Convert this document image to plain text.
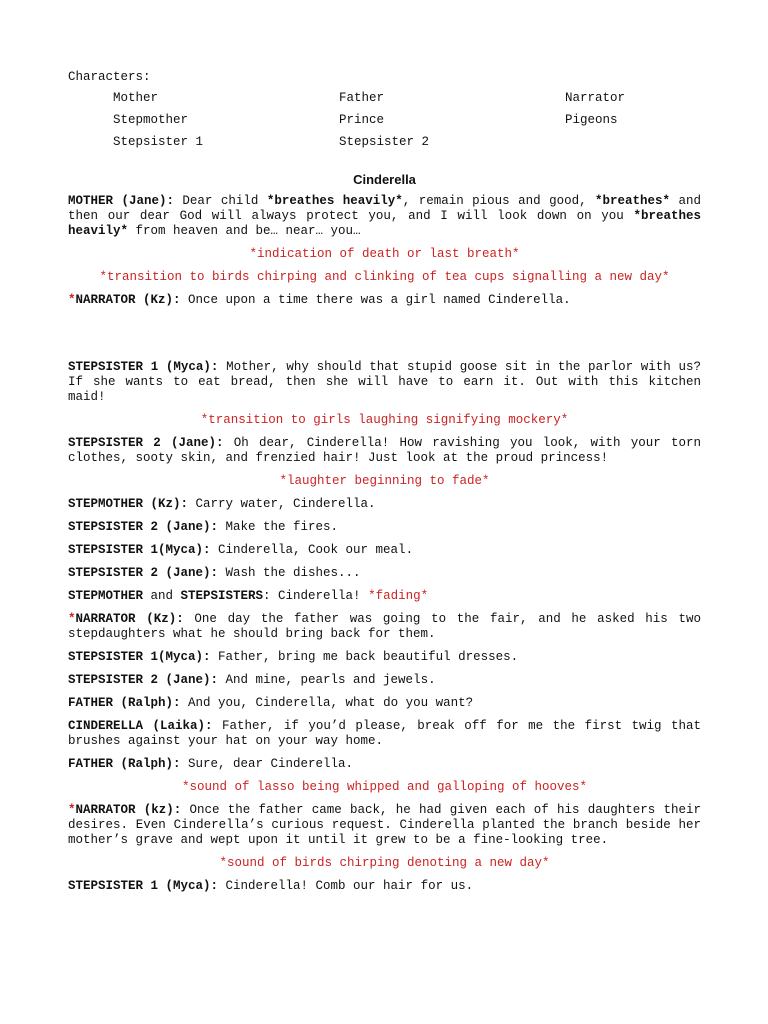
Characters:
Mother	Father	Narrator
Stepmother	Prince	Pigeons
Stepsister 1	Stepsister 2
Cinderella
MOTHER (Jane): Dear child *breathes heavily*, remain pious and good, *breathes* and then our dear God will always protect you, and I will look down on you *breathes heavily* from heaven and be… near… you…
*indication of death or last breath*
*transition to birds chirping and clinking of tea cups signalling a new day*
*NARRATOR (Kz): Once upon a time there was a girl named Cinderella.
STEPSISTER 1 (Myca): Mother, why should that stupid goose sit in the parlor with us? If she wants to eat bread, then she will have to earn it. Out with this kitchen maid!
*transition to girls laughing signifying mockery*
STEPSISTER 2 (Jane): Oh dear, Cinderella! How ravishing you look, with your torn clothes, sooty skin, and frenzied hair! Just look at the proud princess!
*laughter beginning to fade*
STEPMOTHER (Kz): Carry water, Cinderella.
STEPSISTER 2 (Jane): Make the fires.
STEPSISTER 1(Myca): Cinderella, Cook our meal.
STEPSISTER 2 (Jane): Wash the dishes...
STEPMOTHER and STEPSISTERS: Cinderella! *fading*
*NARRATOR (Kz): One day the father was going to the fair, and he asked his two stepdaughters what he should bring back for them.
STEPSISTER 1(Myca): Father, bring me back beautiful dresses.
STEPSISTER 2 (Jane): And mine, pearls and jewels.
FATHER (Ralph): And you, Cinderella, what do you want?
CINDERELLA (Laika): Father, if you’d please, break off for me the first twig that brushes against your hat on your way home.
FATHER (Ralph): Sure, dear Cinderella.
*sound of lasso being whipped and galloping of hooves*
*NARRATOR (kz): Once the father came back, he had given each of his daughters their desires. Even Cinderella’s curious request. Cinderella planted the branch beside her mother’s grave and wept upon it until it grew to be a fine-looking tree.
*sound of birds chirping denoting a new day*
STEPSISTER 1 (Myca): Cinderella! Comb our hair for us.
